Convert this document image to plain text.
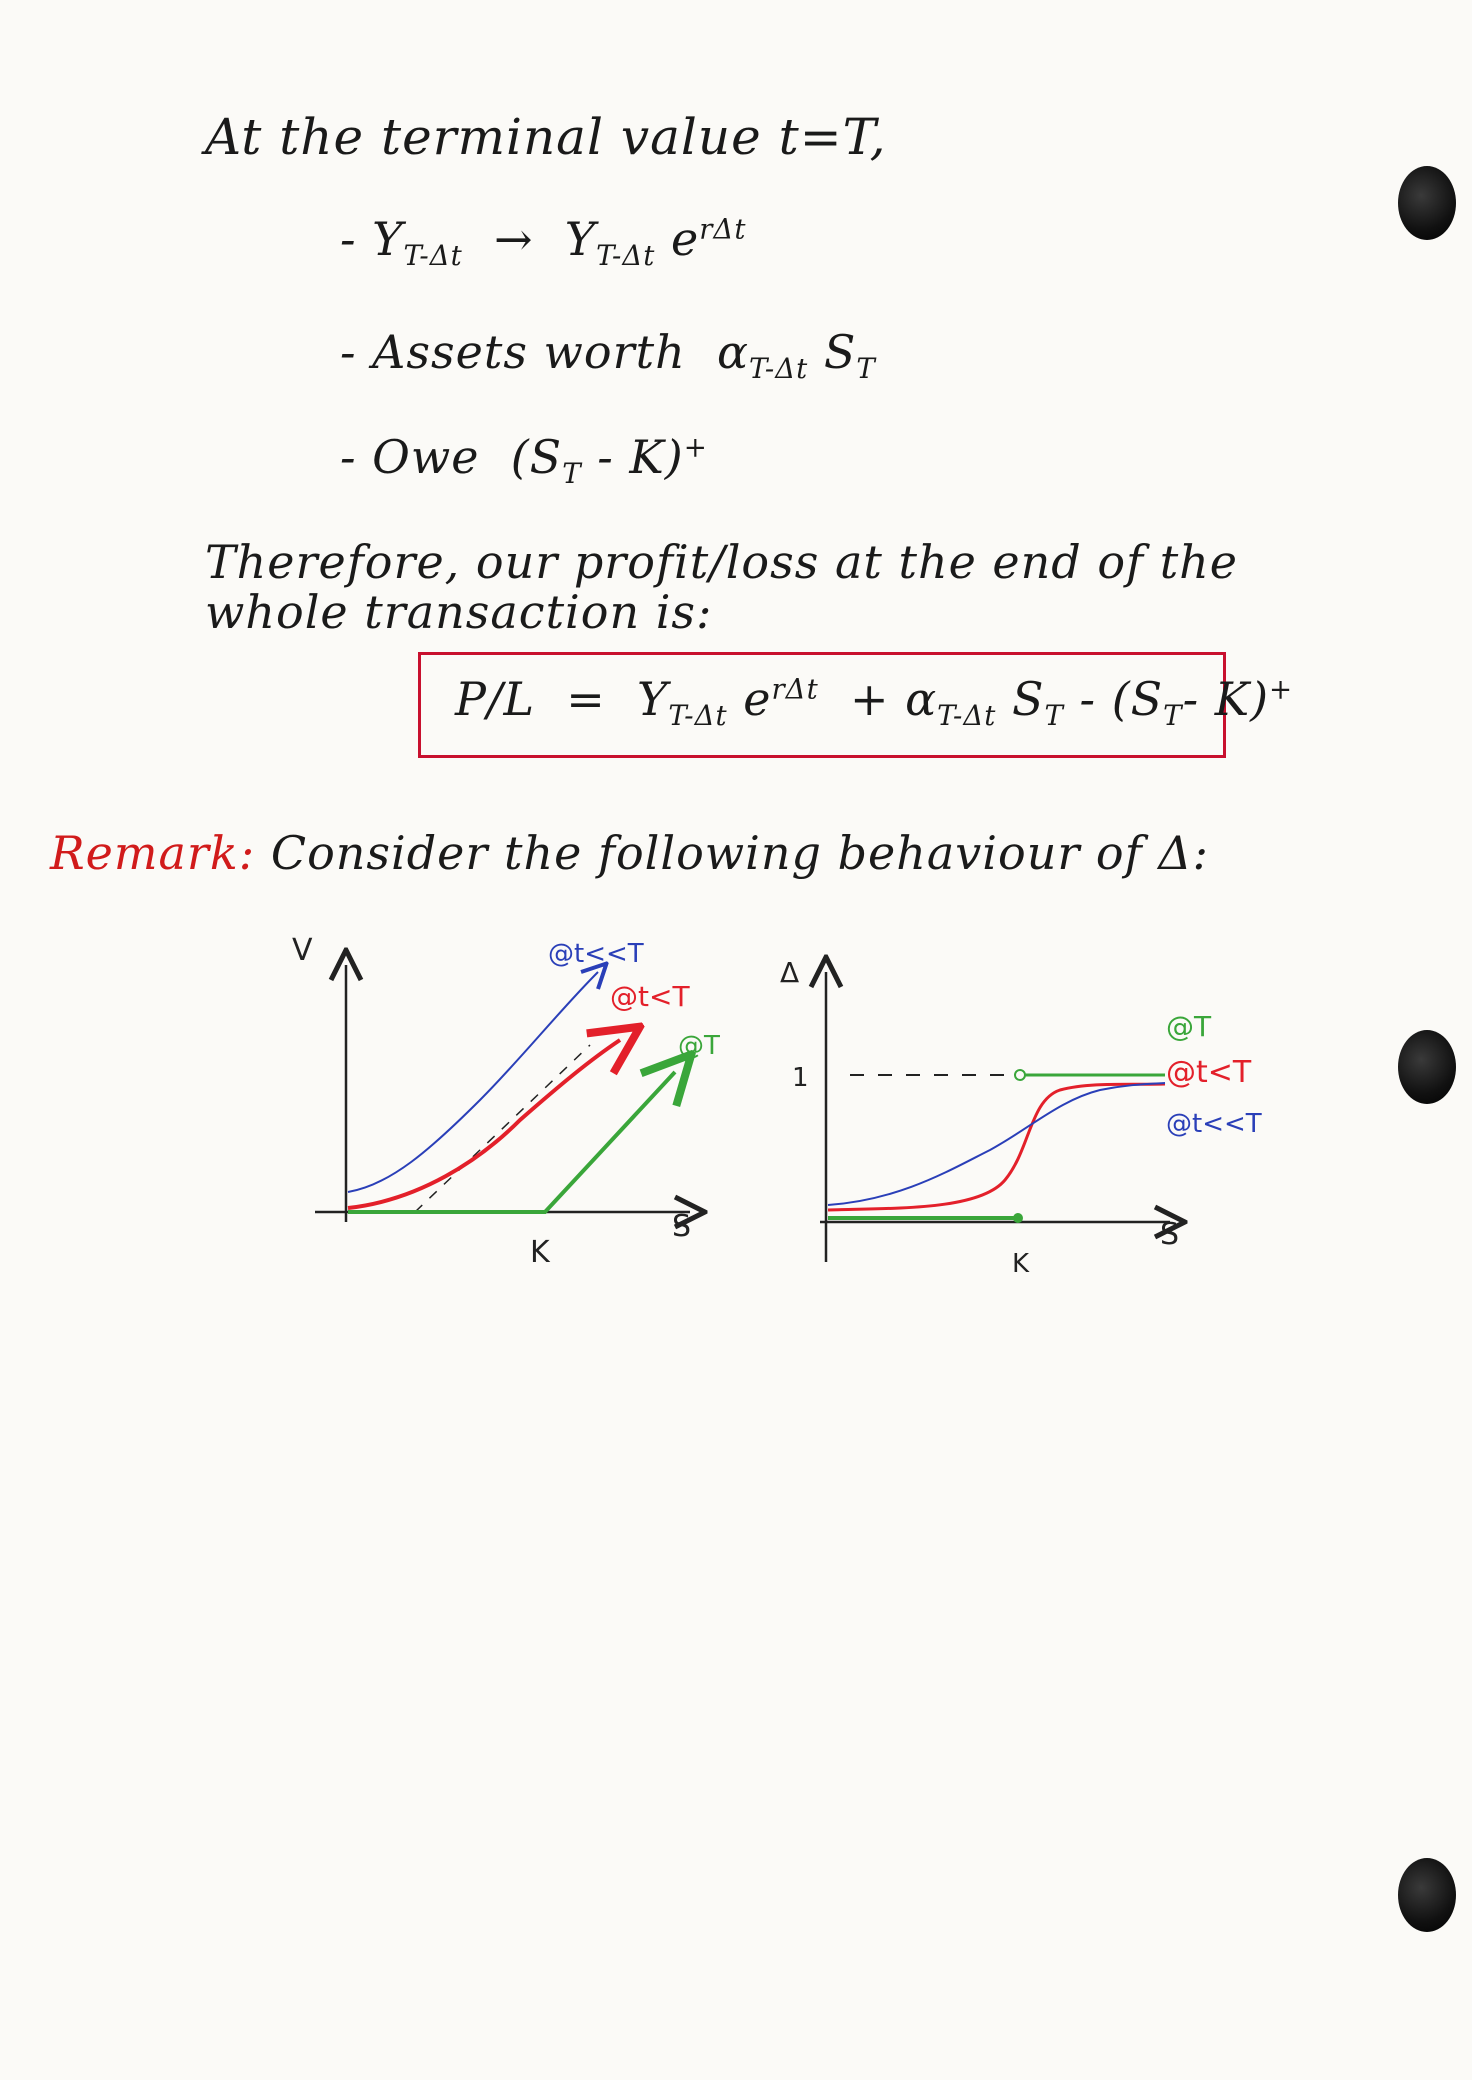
At the terminal value t=T,
- $Y_{T-\Delta t} \to Y_{T-\Delta t}$ $e^{r\Delta t}$
- Assets worth $\alpha_{T-\Delta t}$ $S_T$
- Owe $(S_T - K)^+$
Therefore, our profit/loss at the end of the
whole transaction is:
$P/L = Y_{T-\Delta t}$ $e^{r\Delta t} + \alpha_{T-\Delta t}$ $S_T - (S_T-$ K)+
Remark: Consider the following behaviour of Δ:
V
S
K
@t<<T
@t<T
@T
Δ
S
K
1
@T
@t<T
@t<<T
